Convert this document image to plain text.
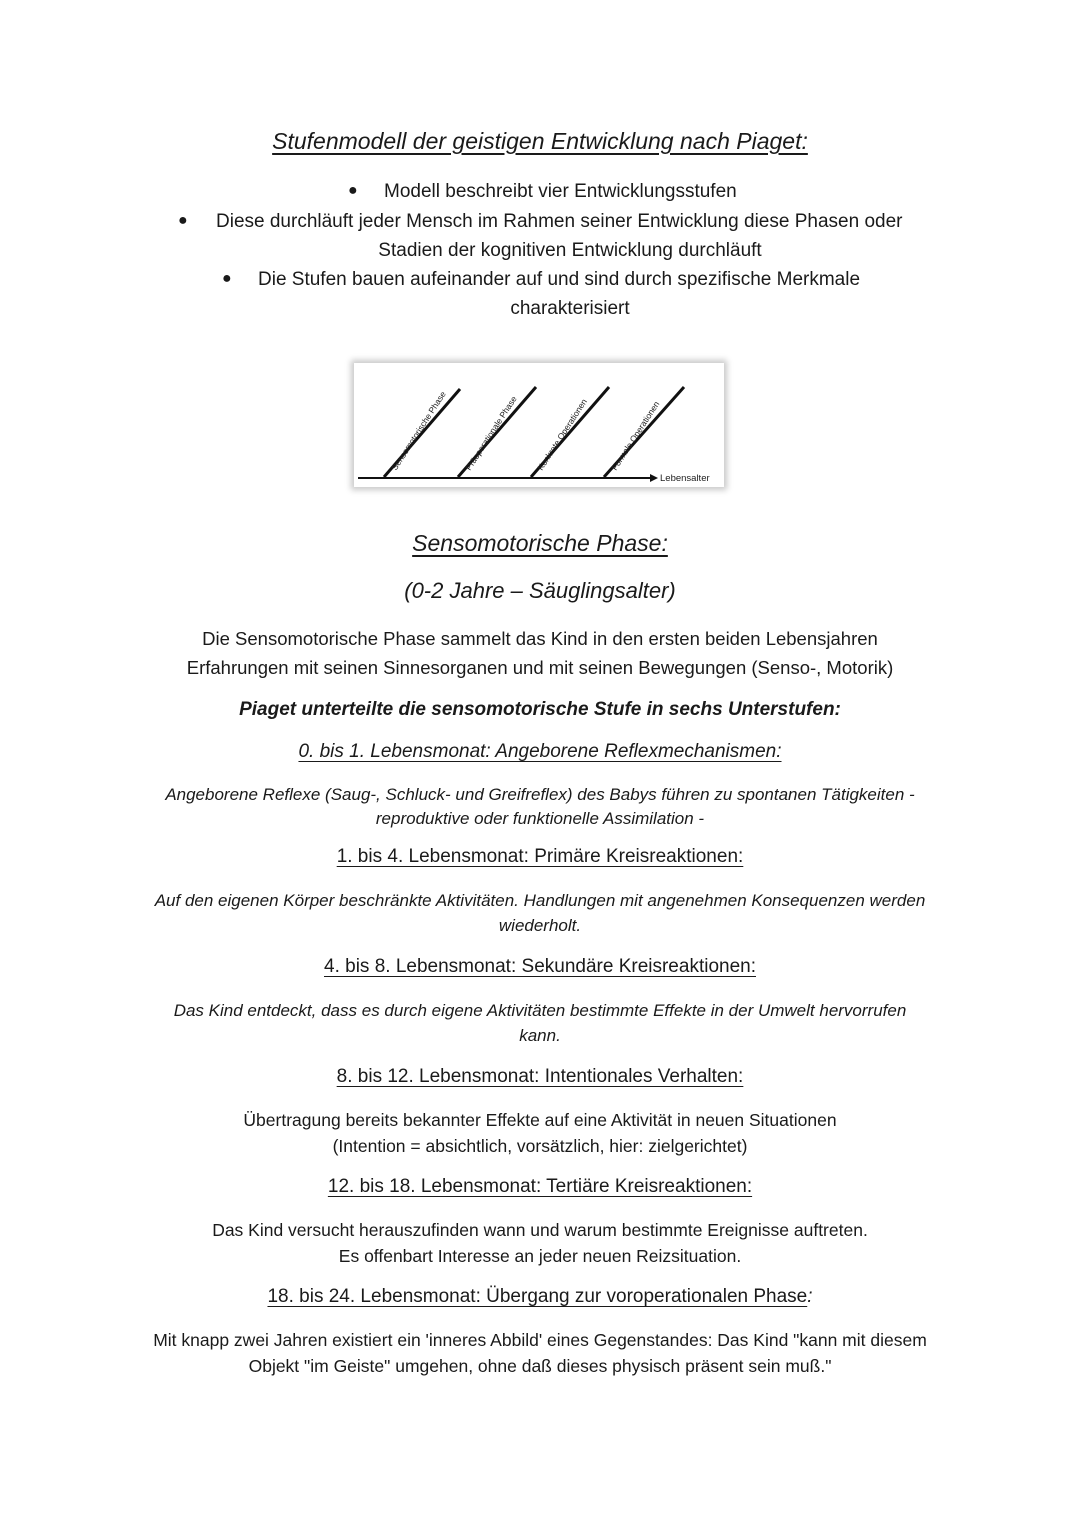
Stufenmodell der geistigen Entwicklung nach Piaget:
● Modell beschreibt vier Entwicklungsstufen
● Diese durchläuft jeder Mensch im Rahmen seiner Entwicklung diese Phasen oder
Stadien der kognitiven Entwicklung durchläuft
● Die Stufen bauen aufeinander auf und sind durch spezifische Merkmale
charakterisiert
Sensomotorische Phase Präoperationale Phase Konkrete Operationen Formale Operationen
Lebensalter
Sensomotorische Phase:
(0-2 Jahre – Säuglingsalter)
Die Sensomotorische Phase sammelt das Kind in den ersten beiden Lebensjahren
Erfahrungen mit seinen Sinnesorganen und mit seinen Bewegungen (Senso-, Motorik)
Piaget unterteilte die sensomotorische Stufe in sechs Unterstufen:
0. bis 1. Lebensmonat: Angeborene Reflexmechanismen:
Angeborene Reflexe (Saug-, Schluck- und Greifreflex) des Babys führen zu spontanen Tätigkeiten -
reproduktive oder funktionelle Assimilation -
1. bis 4. Lebensmonat: Primäre Kreisreaktionen:
Auf den eigenen Körper beschränkte Aktivitäten. Handlungen mit angenehmen Konsequenzen werden
wiederholt.
4. bis 8. Lebensmonat: Sekundäre Kreisreaktionen:
Das Kind entdeckt, dass es durch eigene Aktivitäten bestimmte Effekte in der Umwelt hervorrufen
kann.
8. bis 12. Lebensmonat: Intentionales Verhalten:
Übertragung bereits bekannter Effekte auf eine Aktivität in neuen Situationen
(Intention = absichtlich, vorsätzlich, hier: zielgerichtet)
12. bis 18. Lebensmonat: Tertiäre Kreisreaktionen:
Das Kind versucht herauszufinden wann und warum bestimmte Ereignisse auftreten.
Es offenbart Interesse an jeder neuen Reizsituation.
18. bis 24. Lebensmonat: Übergang zur voroperationalen Phase:
Mit knapp zwei Jahren existiert ein 'inneres Abbild' eines Gegenstandes: Das Kind "kann mit diesem
Objekt "im Geiste" umgehen, ohne daß dieses physisch präsent sein muß."
